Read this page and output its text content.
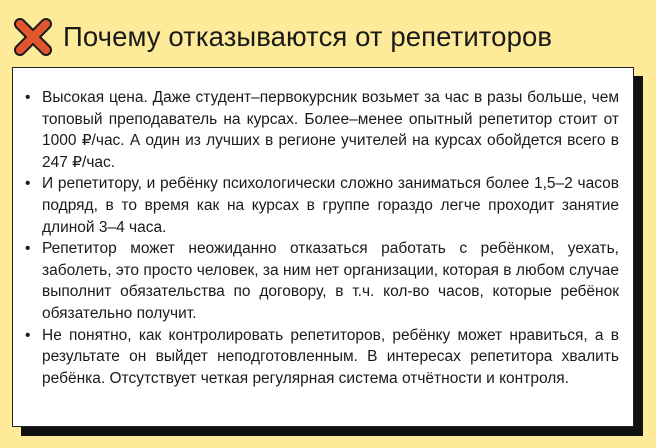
Почему отказываются от репетиторов
• Высокая цена. Даже студент–первокурсник возьмет за час в разы больше, чем топовый преподаватель на курсах. Более–менее опытный репетитор стоит от 1000 ₽/час. А один из лучших в регионе учителей на курсах обойдется всего в 247 ₽/час.
• И репетитору, и ребёнку психологически сложно заниматься более 1,5–2 часов подряд, в то время как на курсах в группе гораздо легче проходит занятие длиной 3–4 часа.
• Репетитор может неожиданно отказаться работать с ребёнком, уехать, заболеть, это просто человек, за ним нет организации, которая в любом случае выполнит обязательства по договору, в т.ч. кол-во часов, которые ребёнок обязательно получит.
• Не понятно, как контролировать репетиторов, ребёнку может нравиться, а в результате он выйдет неподготовленным. В интересах репетитора хвалить ребёнка. Отсутствует четкая регулярная система отчётности и контроля.
